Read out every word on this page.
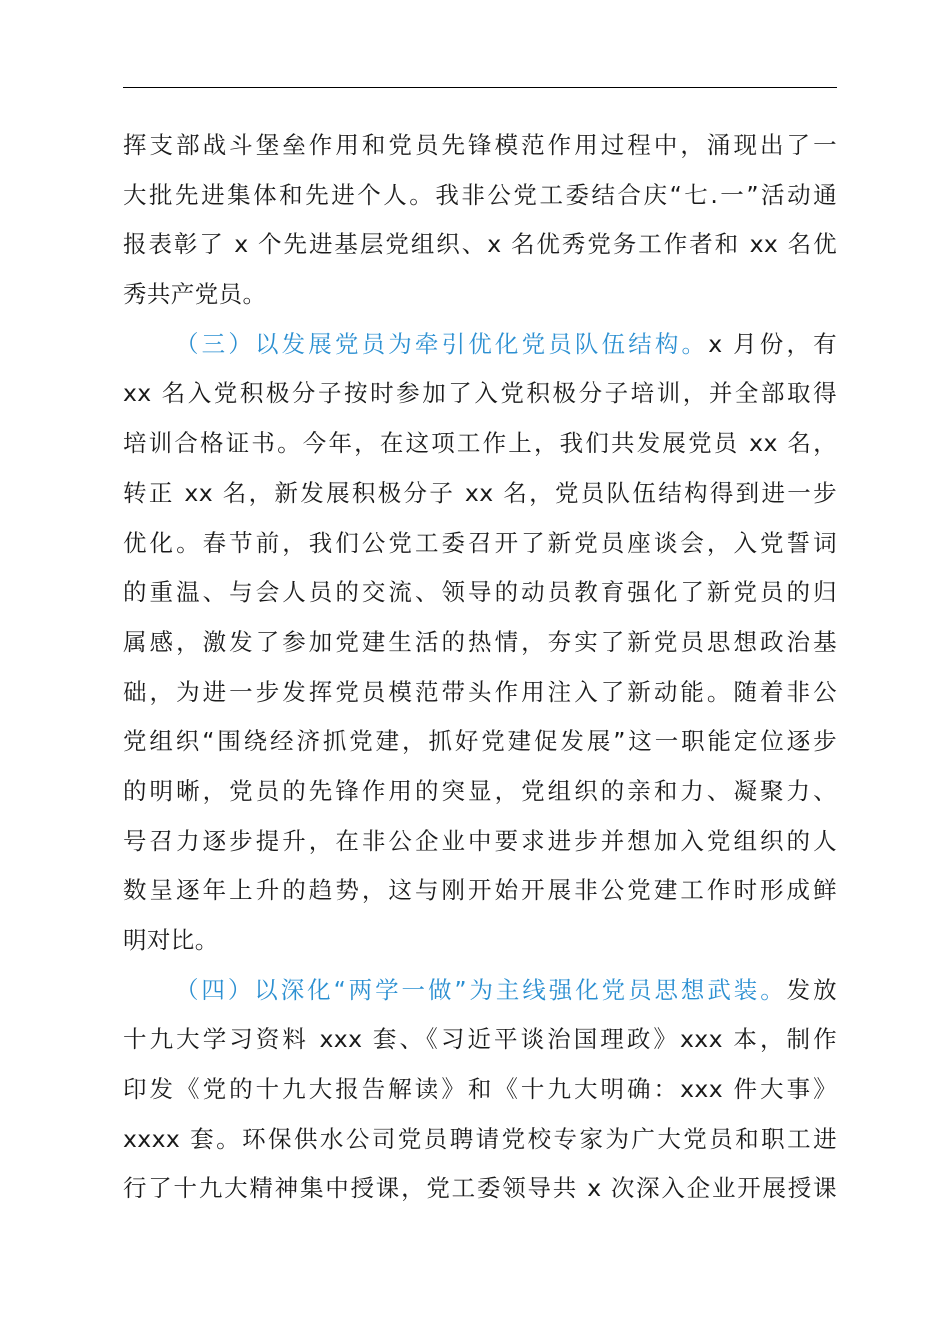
挥支部战斗堡垒作用和党员先锋模范作用过程中，涌现出了一
大批先进集体和先进个人。我非公党工委结合庆“七.一”活动通
报表彰了 x 个先进基层党组织、x 名优秀党务工作者和 xx 名优
秀共产党员。
（三）以发展党员为牵引优化党员队伍结构。x 月份，有
xx 名入党积极分子按时参加了入党积极分子培训，并全部取得
培训合格证书。今年，在这项工作上，我们共发展党员 xx 名，
转正 xx 名，新发展积极分子 xx 名，党员队伍结构得到进一步
优化。春节前，我们公党工委召开了新党员座谈会，入党誓词
的重温、与会人员的交流、领导的动员教育强化了新党员的归
属感，激发了参加党建生活的热情，夯实了新党员思想政治基
础，为进一步发挥党员模范带头作用注入了新动能。随着非公
党组织“围绕经济抓党建，抓好党建促发展”这一职能定位逐步
的明晰，党员的先锋作用的突显，党组织的亲和力、凝聚力、
号召力逐步提升，在非公企业中要求进步并想加入党组织的人
数呈逐年上升的趋势，这与刚开始开展非公党建工作时形成鲜
明对比。
（四）以深化“两学一做”为主线强化党员思想武装。发放
十九大学习资料 xxx 套、《习近平谈治国理政》xxx 本，制作
印发《党的十九大报告解读》和《十九大明确：xxx 件大事》
xxxx 套。环保供水公司党员聘请党校专家为广大党员和职工进
行了十九大精神集中授课，党工委领导共 x 次深入企业开展授课
